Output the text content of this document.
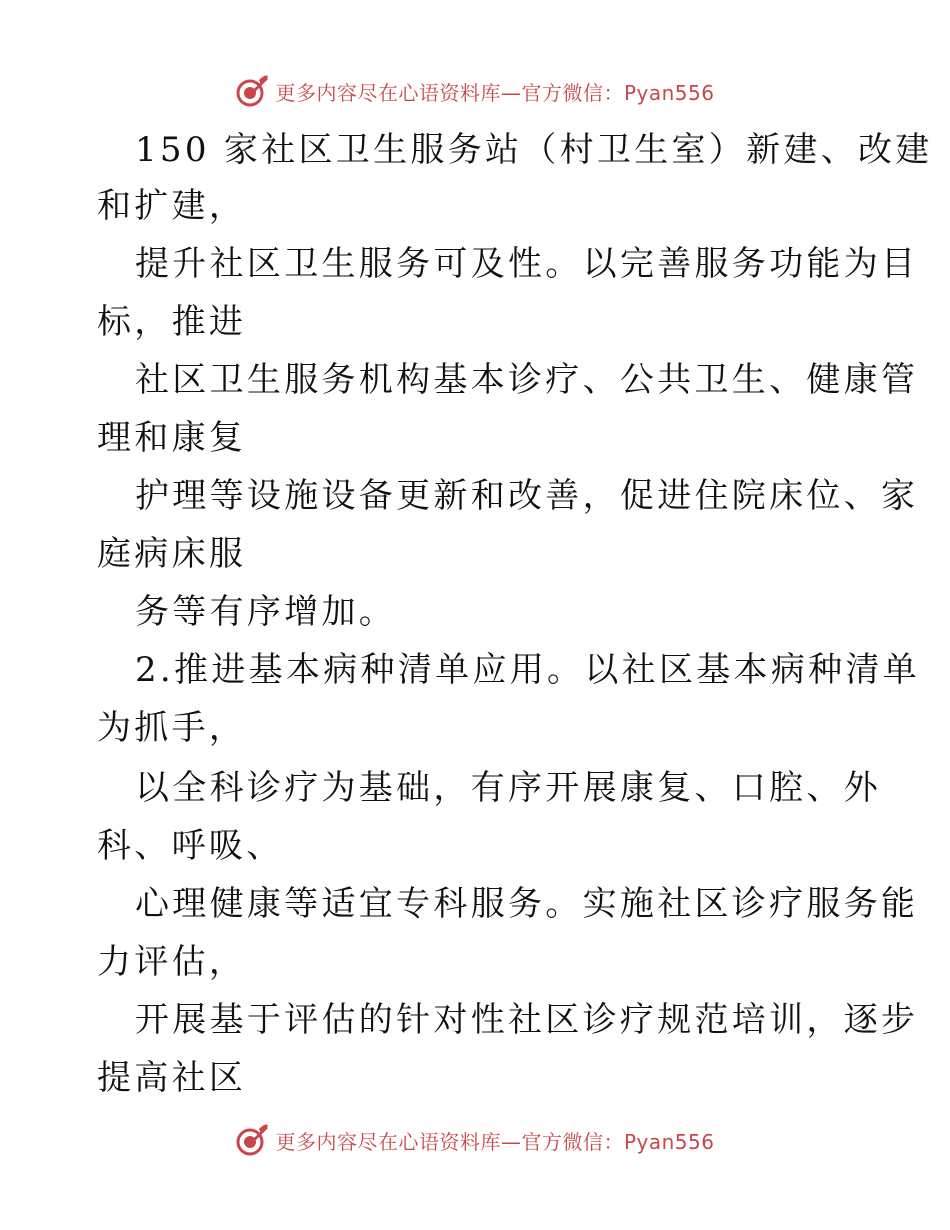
更多内容尽在心语资料库—官方微信：Pyan556
150 家社区卫生服务站（村卫生室）新建、改建
和扩建，
提升社区卫生服务可及性。以完善服务功能为目
标，推进
社区卫生服务机构基本诊疗、公共卫生、健康管
理和康复
护理等设施设备更新和改善，促进住院床位、家
庭病床服
务等有序增加。
2.推进基本病种清单应用。以社区基本病种清单
为抓手，
以全科诊疗为基础，有序开展康复、口腔、外
科、呼吸、
心理健康等适宜专科服务。实施社区诊疗服务能
力评估，
开展基于评估的针对性社区诊疗规范培训，逐步
提高社区
更多内容尽在心语资料库—官方微信：Pyan556
